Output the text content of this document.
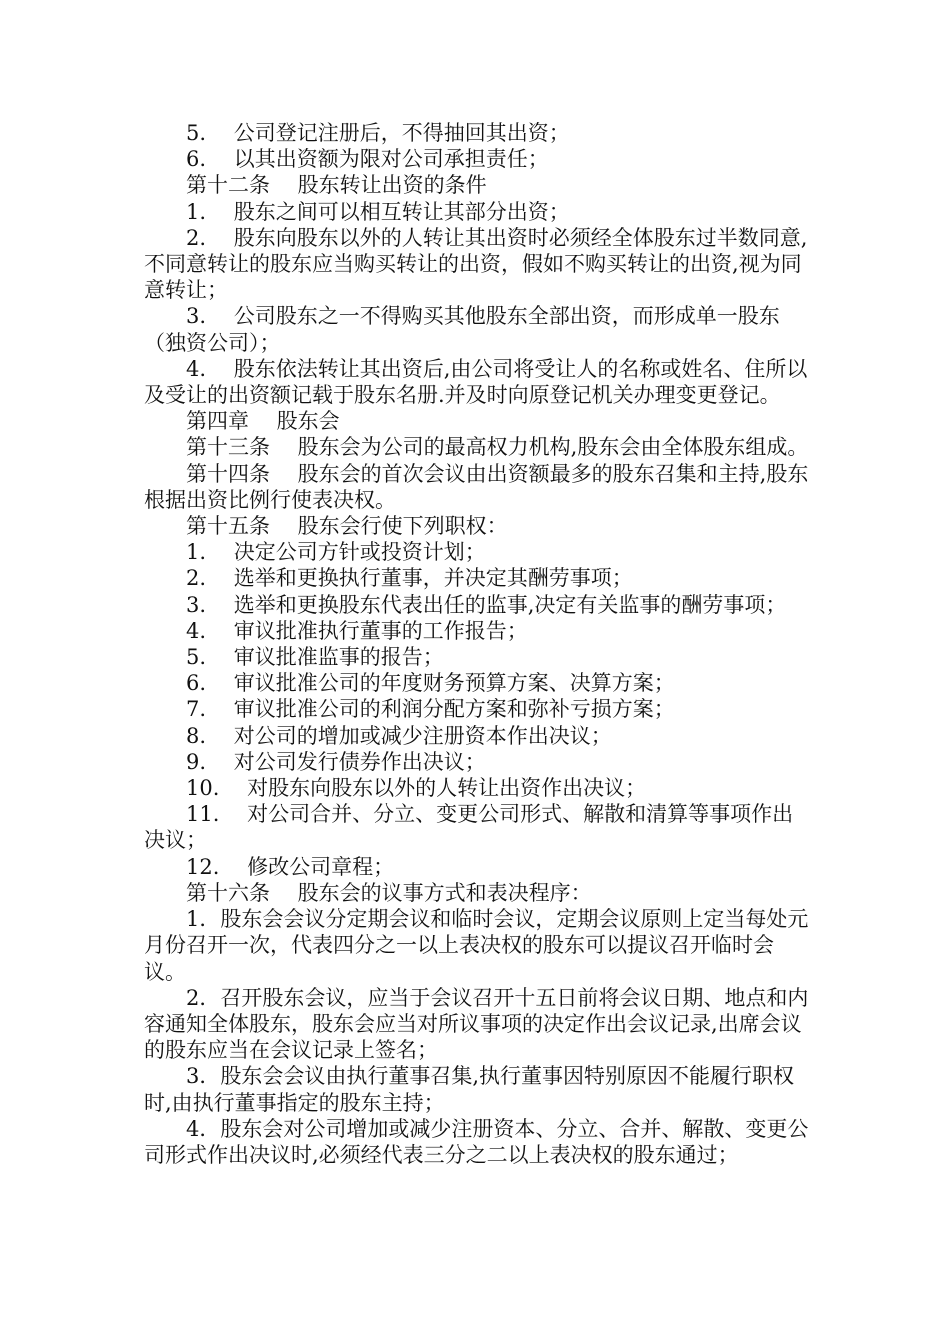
5.　 公司登记注册后，不得抽回其出资；

6.　 以其出资额为限对公司承担责任；

第十二条　 股东转让出资的条件

1.　 股东之间可以相互转让其部分出资；

2.　 股东向股东以外的人转让其出资时必须经全体股东过半数同意,不同意转让的股东应当购买转让的出资，假如不购买转让的出资,视为同意转让；

3.　 公司股东之一不得购买其他股东全部出资，而形成单一股东（独资公司）；

4.　 股东依法转让其出资后,由公司将受让人的名称或姓名、住所以及受让的出资额记载于股东名册.并及时向原登记机关办理变更登记。

第四章　 股东会

第十三条　 股东会为公司的最高权力机构,股东会由全体股东组成。

第十四条　 股东会的首次会议由出资额最多的股东召集和主持,股东根据出资比例行使表决权。

第十五条　 股东会行使下列职权：

1.　 决定公司方针或投资计划；

2.　 选举和更换执行董事，并决定其酬劳事项；

3.　 选举和更换股东代表出任的监事,决定有关监事的酬劳事项；

4.　 审议批准执行董事的工作报告；

5.　 审议批准监事的报告；

6.　 审议批准公司的年度财务预算方案、决算方案；

7.　 审议批准公司的利润分配方案和弥补亏损方案；

8.　 对公司的增加或减少注册资本作出决议；

9.　 对公司发行债券作出决议；

10.　 对股东向股东以外的人转让出资作出决议；

11.　 对公司合并、分立、变更公司形式、解散和清算等事项作出决议；

12.　 修改公司章程；

第十六条　 股东会的议事方式和表决程序：

1．股东会会议分定期会议和临时会议，定期会议原则上定当每处元月份召开一次，代表四分之一以上表决权的股东可以提议召开临时会议。

2．召开股东会议，应当于会议召开十五日前将会议日期、地点和内容通知全体股东，股东会应当对所议事项的决定作出会议记录,出席会议的股东应当在会议记录上签名；

3．股东会会议由执行董事召集,执行董事因特别原因不能履行职权时,由执行董事指定的股东主持；

4．股东会对公司增加或减少注册资本、分立、合并、解散、变更公司形式作出决议时,必须经代表三分之二以上表决权的股东通过；
